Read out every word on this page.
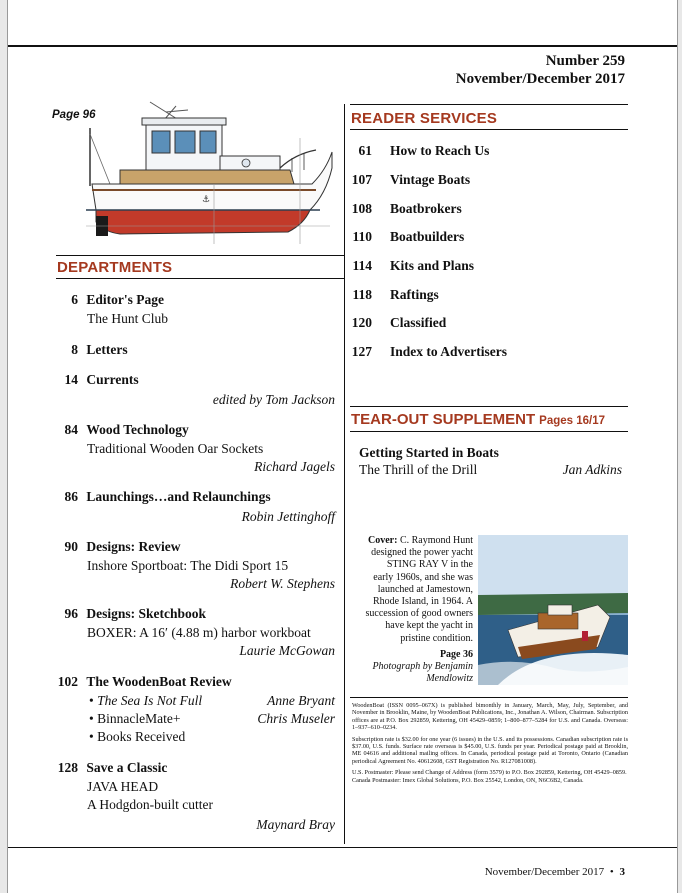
Number 259
November/December 2017
Page 96
⚓
DEPARTMENTS
6 Editor's Page
The Hunt Club
8 Letters
14 Currents
edited by Tom Jackson
84 Wood Technology
Traditional Wooden Oar Sockets
Richard Jagels
86 Launchings…and Relaunchings
Robin Jettinghoff
90 Designs: Review
Inshore Sportboat: The Didi Sport 15
Robert W. Stephens
96 Designs: Sketchbook
BOXER: A 16′ (4.88 m) harbor workboat
Laurie McGowan
102 The WoodenBoat Review
• The Sea Is Not Full	Anne Bryant
• BinnacleMate+	Chris Museler
• Books Received
128 Save a Classic
JAVA HEAD
A Hodgdon-built cutter
Maynard Bray
READER SERVICES
61 How to Reach Us
107 Vintage Boats
108 Boatbrokers
110 Boatbuilders
114 Kits and Plans
118 Raftings
120 Classified
127 Index to Advertisers
TEAR-OUT SUPPLEMENT Pages 16/17
Getting Started in Boats
The Thrill of the Drill	Jan Adkins
Cover: C. Raymond Hunt
designed the power yacht
STING RAY V in the
early 1960s, and she was
launched at Jamestown,
Rhode Island, in 1964. A
succession of good owners
have kept the yacht in
pristine condition.
Page 36
Photograph by Benjamin
Mendlowitz
WoodenBoat (ISSN 0095–067X) is published bimonthly in January, March, May, July, September, and November in Brooklin, Maine, by WoodenBoat Publications, Inc., Jonathan A. Wilson, Chairman. Subscription offices are at P.O. Box 292859, Kettering, OH 45429–0859; 1–800–877–5284 for U.S. and Canada. Overseas: 1–937–610–0234.
Subscription rate is $32.00 for one year (6 issues) in the U.S. and its possessions. Canadian subscription rate is $37.00, U.S. funds. Surface rate overseas is $45.00, U.S. funds per year. Periodical postage paid at Brooklin, ME 04616 and additional mailing offices. In Canada, periodical postage paid at Toronto, Ontario (Canadian periodical Agreement No. 40612608, GST Registration No. R127081008).
U.S. Postmaster: Please send Change of Address (form 3579) to P.O. Box 292859, Kettering, OH 45429–0859.
Canada Postmaster: Imex Global Solutions, P.O. Box 25542, London, ON, N6C6B2, Canada.
November/December 2017 • 3
